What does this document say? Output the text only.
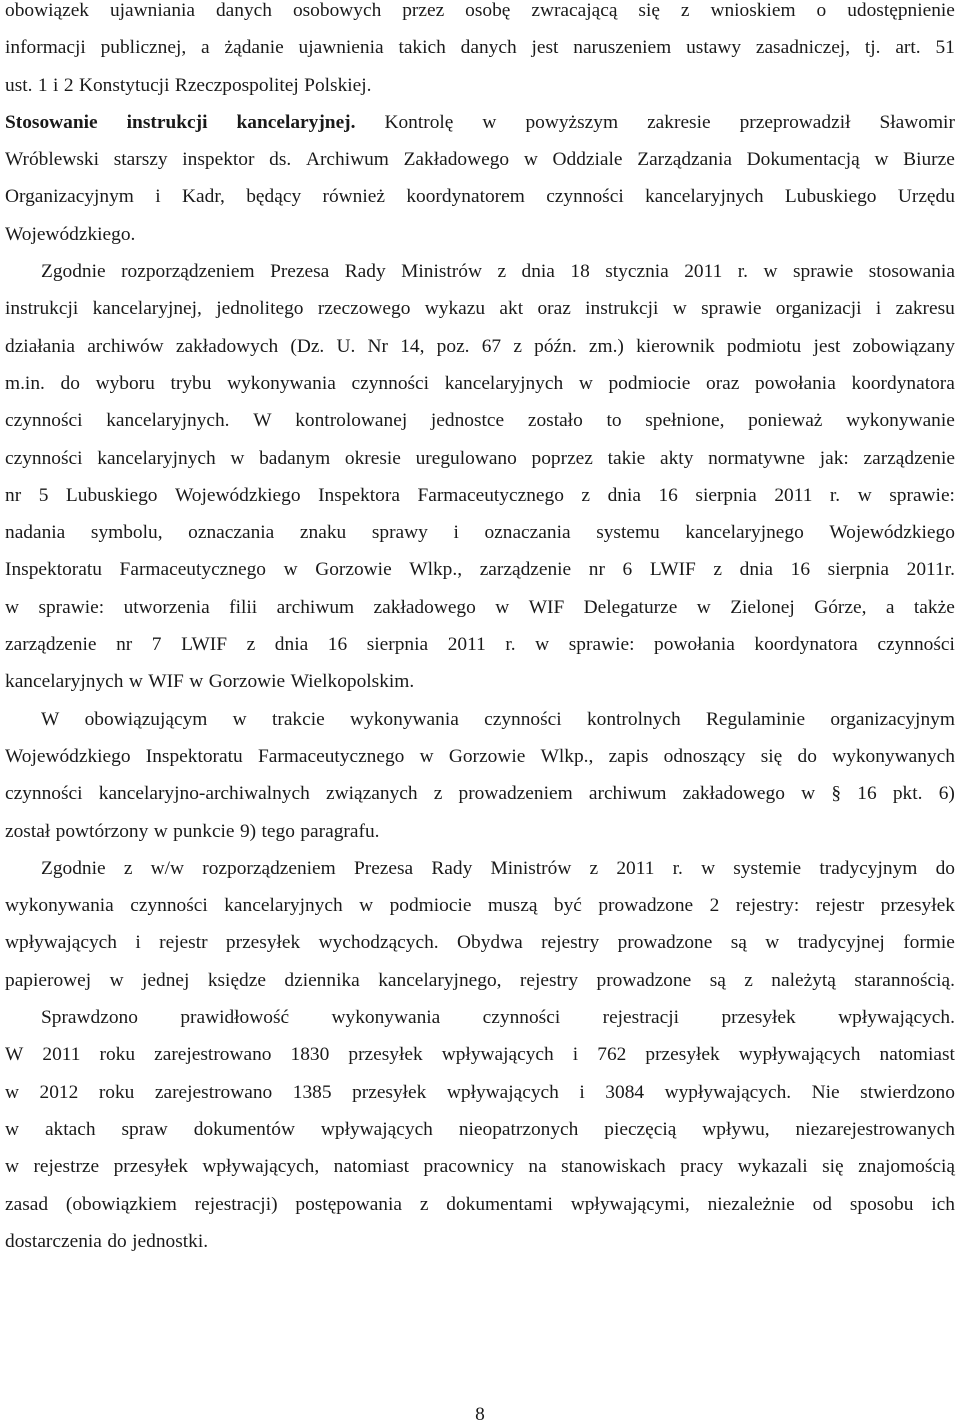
obowiązek ujawniania danych osobowych przez osobę zwracającą się z wnioskiem o udostępnienie
informacji publicznej, a żądanie ujawnienia takich danych jest naruszeniem ustawy zasadniczej, tj. art. 51
ust. 1 i 2 Konstytucji Rzeczpospolitej Polskiej.
Stosowanie instrukcji kancelaryjnej. Kontrolę w powyższym zakresie przeprowadził Sławomir
Wróblewski starszy inspektor ds. Archiwum Zakładowego w Oddziale Zarządzania Dokumentacją w Biurze
Organizacyjnym i Kadr, będący również koordynatorem czynności kancelaryjnych Lubuskiego Urzędu
Wojewódzkiego.
Zgodnie rozporządzeniem Prezesa Rady Ministrów z dnia 18 stycznia 2011 r. w sprawie stosowania
instrukcji kancelaryjnej, jednolitego rzeczowego wykazu akt oraz instrukcji w sprawie organizacji i zakresu
działania archiwów zakładowych (Dz. U. Nr 14, poz. 67 z późn. zm.) kierownik podmiotu jest zobowiązany
m.in. do wyboru trybu wykonywania czynności kancelaryjnych w podmiocie oraz powołania koordynatora
czynności kancelaryjnych. W kontrolowanej jednostce zostało to spełnione, ponieważ wykonywanie
czynności kancelaryjnych w badanym okresie uregulowano poprzez takie akty normatywne jak: zarządzenie
nr 5 Lubuskiego Wojewódzkiego Inspektora Farmaceutycznego z dnia 16 sierpnia 2011 r. w sprawie:
nadania symbolu, oznaczania znaku sprawy i oznaczania systemu kancelaryjnego Wojewódzkiego
Inspektoratu Farmaceutycznego w Gorzowie Wlkp., zarządzenie nr 6 LWIF z dnia 16 sierpnia 2011r.
w sprawie: utworzenia filii archiwum zakładowego w WIF Delegaturze w Zielonej Górze, a także
zarządzenie nr 7 LWIF z dnia 16 sierpnia 2011 r. w sprawie: powołania koordynatora czynności
kancelaryjnych w WIF w Gorzowie Wielkopolskim.
W obowiązującym w trakcie wykonywania czynności kontrolnych Regulaminie organizacyjnym
Wojewódzkiego Inspektoratu Farmaceutycznego w Gorzowie Wlkp., zapis odnoszący się do wykonywanych
czynności kancelaryjno-archiwalnych związanych z prowadzeniem archiwum zakładowego w § 16 pkt. 6)
został powtórzony w punkcie 9) tego paragrafu.
Zgodnie z w/w rozporządzeniem Prezesa Rady Ministrów z 2011 r. w systemie tradycyjnym do
wykonywania czynności kancelaryjnych w podmiocie muszą być prowadzone 2 rejestry: rejestr przesyłek
wpływających i rejestr przesyłek wychodzących. Obydwa rejestry prowadzone są w tradycyjnej formie
papierowej w jednej księdze dziennika kancelaryjnego, rejestry prowadzone są z należytą starannością.
Sprawdzono prawidłowość wykonywania czynności rejestracji przesyłek wpływających.
W 2011 roku zarejestrowano 1830 przesyłek wpływających i 762 przesyłek wypływających natomiast
w 2012 roku zarejestrowano 1385 przesyłek wpływających i 3084 wypływających. Nie stwierdzono
w aktach spraw dokumentów wpływających nieopatrzonych pieczęcią wpływu, niezarejestrowanych
w rejestrze przesyłek wpływających, natomiast pracownicy na stanowiskach pracy wykazali się znajomością
zasad (obowiązkiem rejestracji) postępowania z dokumentami wpływającymi, niezależnie od sposobu ich
dostarczenia do jednostki.
8
